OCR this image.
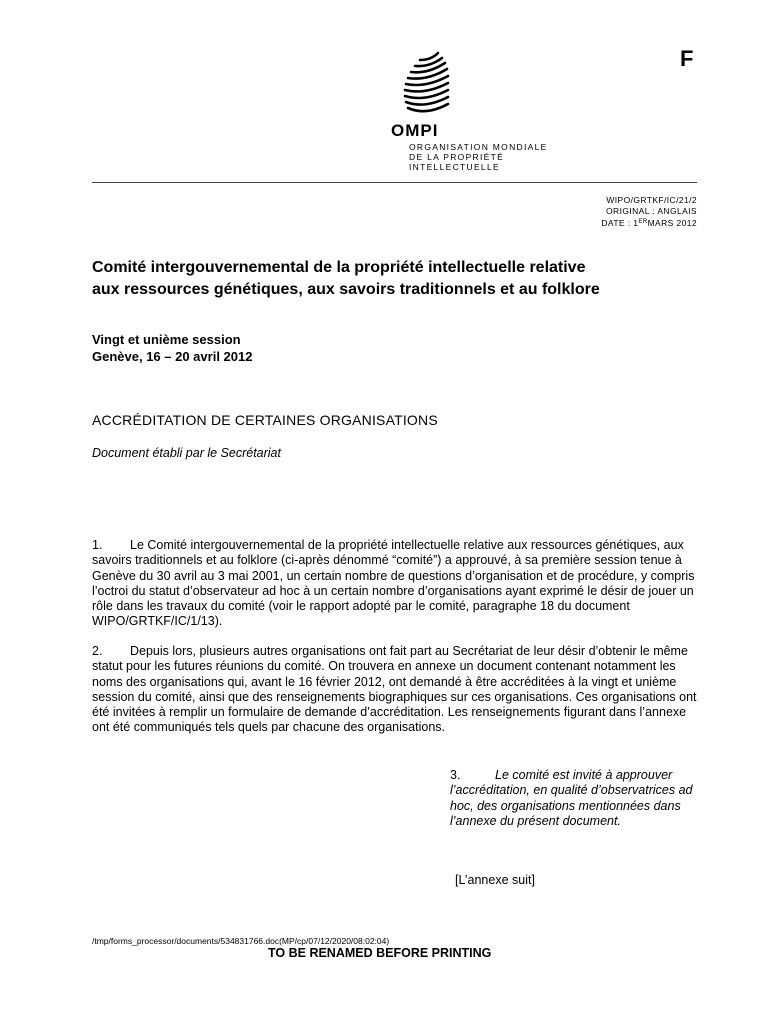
F
OMPI
ORGANISATION MONDIALE
DE LA PROPRIÉTÉ
INTELLECTUELLE
WIPO/GRTKF/IC/21/2
ORIGINAL : ANGLAIS
DATE : 1ERMARS 2012
Comité intergouvernemental de la propriété intellectuelle relative
aux ressources génétiques, aux savoirs traditionnels et au folklore
Vingt et unième session
Genève, 16 – 20 avril 2012
ACCRÉDITATION DE CERTAINES ORGANISATIONS
Document établi par le Secrétariat
1. Le Comité intergouvernemental de la propriété intellectuelle relative aux ressources génétiques, aux savoirs traditionnels et au folklore (ci-après dénommé “comité”) a approuvé, à sa première session tenue à Genève du 30 avril au 3 mai 2001, un certain nombre de questions d’organisation et de procédure, y compris l’octroi du statut d’observateur ad hoc à un certain nombre d’organisations ayant exprimé le désir de jouer un rôle dans les travaux du comité (voir le rapport adopté par le comité, paragraphe 18 du document WIPO/GRTKF/IC/1/13).
2. Depuis lors, plusieurs autres organisations ont fait part au Secrétariat de leur désir d’obtenir le même statut pour les futures réunions du comité. On trouvera en annexe un document contenant notamment les noms des organisations qui, avant le 16 février 2012, ont demandé à être accréditées à la vingt et unième session du comité, ainsi que des renseignements biographiques sur ces organisations. Ces organisations ont été invitées à remplir un formulaire de demande d’accréditation. Les renseignements figurant dans l’annexe ont été communiqués tels quels par chacune des organisations.
3.	Le comité est invité à approuver l’accréditation, en qualité d’observatrices ad hoc, des organisations mentionnées dans l’annexe du présent document.
[L’annexe suit]
/tmp/forms_processor/documents/534831766.doc(MP/cp/07/12/2020/08:02:04)
TO BE RENAMED BEFORE PRINTING
